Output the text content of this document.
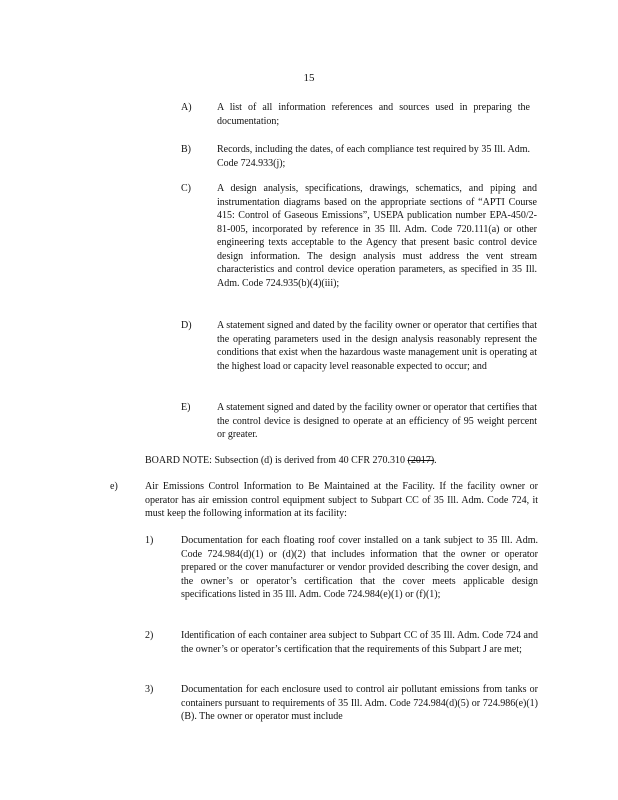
15
A)	A list of all information references and sources used in preparing the documentation;
B)	Records, including the dates, of each compliance test required by 35 Ill. Adm. Code 724.933(j);
C)	A design analysis, specifications, drawings, schematics, and piping and instrumentation diagrams based on the appropriate sections of “APTI Course 415: Control of Gaseous Emissions”, USEPA publication number EPA-450/2-81-005, incorporated by reference in 35 Ill. Adm. Code 720.111(a) or other engineering texts acceptable to the Agency that present basic control device design information. The design analysis must address the vent stream characteristics and control device operation parameters, as specified in 35 Ill. Adm. Code 724.935(b)(4)(iii);
D)	A statement signed and dated by the facility owner or operator that certifies that the operating parameters used in the design analysis reasonably represent the conditions that exist when the hazardous waste management unit is operating at the highest load or capacity level reasonable expected to occur; and
E)	A statement signed and dated by the facility owner or operator that certifies that the control device is designed to operate at an efficiency of 95 weight percent or greater.
BOARD NOTE: Subsection (d) is derived from 40 CFR 270.310 (2017).
e)	Air Emissions Control Information to Be Maintained at the Facility. If the facility owner or operator has air emission control equipment subject to Subpart CC of 35 Ill. Adm. Code 724, it must keep the following information at its facility:
1)	Documentation for each floating roof cover installed on a tank subject to 35 Ill. Adm. Code 724.984(d)(1) or (d)(2) that includes information that the owner or operator prepared or the cover manufacturer or vendor provided describing the cover design, and the owner’s or operator’s certification that the cover meets applicable design specifications listed in 35 Ill. Adm. Code 724.984(e)(1) or (f)(1);
2)	Identification of each container area subject to Subpart CC of 35 Ill. Adm. Code 724 and the owner’s or operator’s certification that the requirements of this Subpart J are met;
3)	Documentation for each enclosure used to control air pollutant emissions from tanks or containers pursuant to requirements of 35 Ill. Adm. Code 724.984(d)(5) or 724.986(e)(1)(B). The owner or operator must include
